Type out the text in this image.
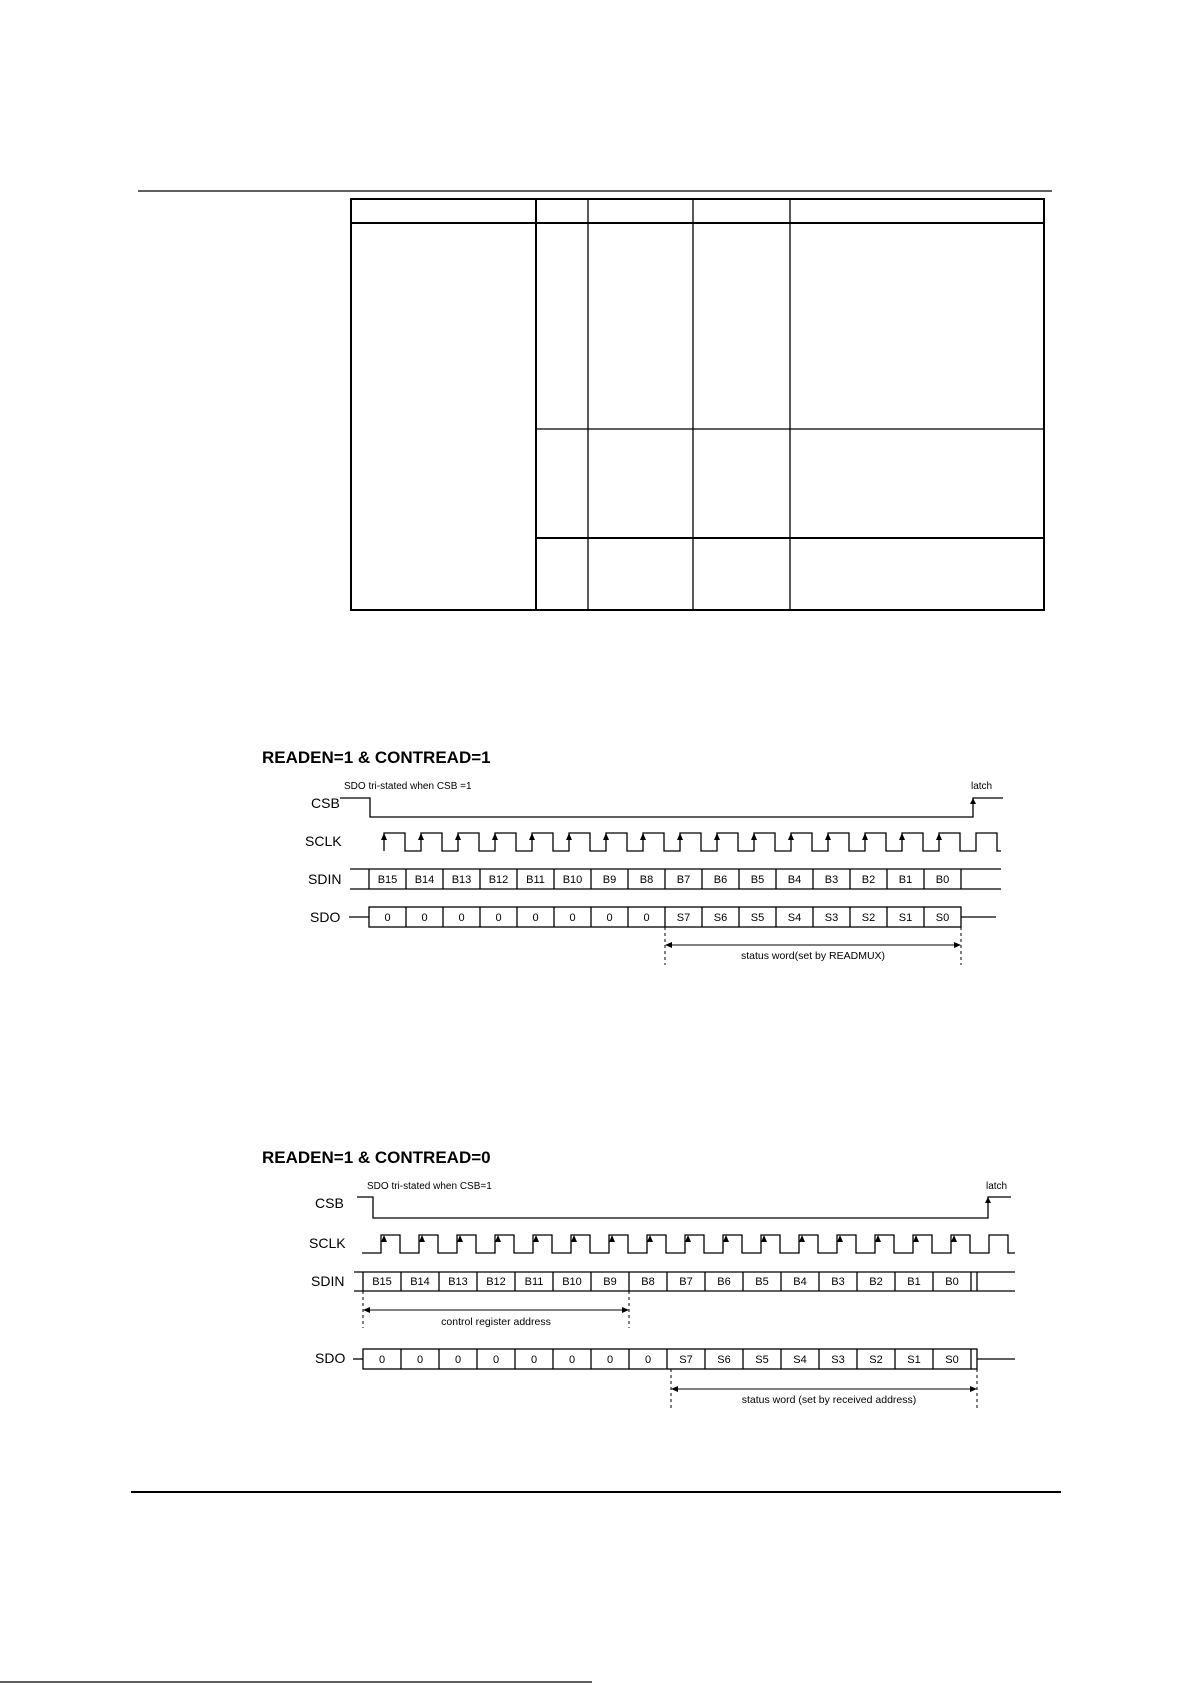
READEN=1 & CONTREAD=1
SDO tri-stated when CSB =1	latch
CSB
SCLK
SDIN
SDO
B15 B14 B13 B12 B11 B10 B9 B8 B7 B6 B5 B4 B3 B2 B1 B0
0	0	0	0	0	0	0	0 S7 S6 S5 S4 S3 S2 S1 S0
status word(set by READMUX)
READEN=1 & CONTREAD=0
SDO tri-stated when CSB=1	latch
CSB
SCLK
SDIN
SDO
B15 B14 B13 B12 B11 B10 B9 B8 B7 B6 B5 B4 B3 B2 B1 B0
control register address
0	0	0	0	0	0	0	0	S7 S6 S5 S4 S3 S2 S1 S0
status word (set by received address)
